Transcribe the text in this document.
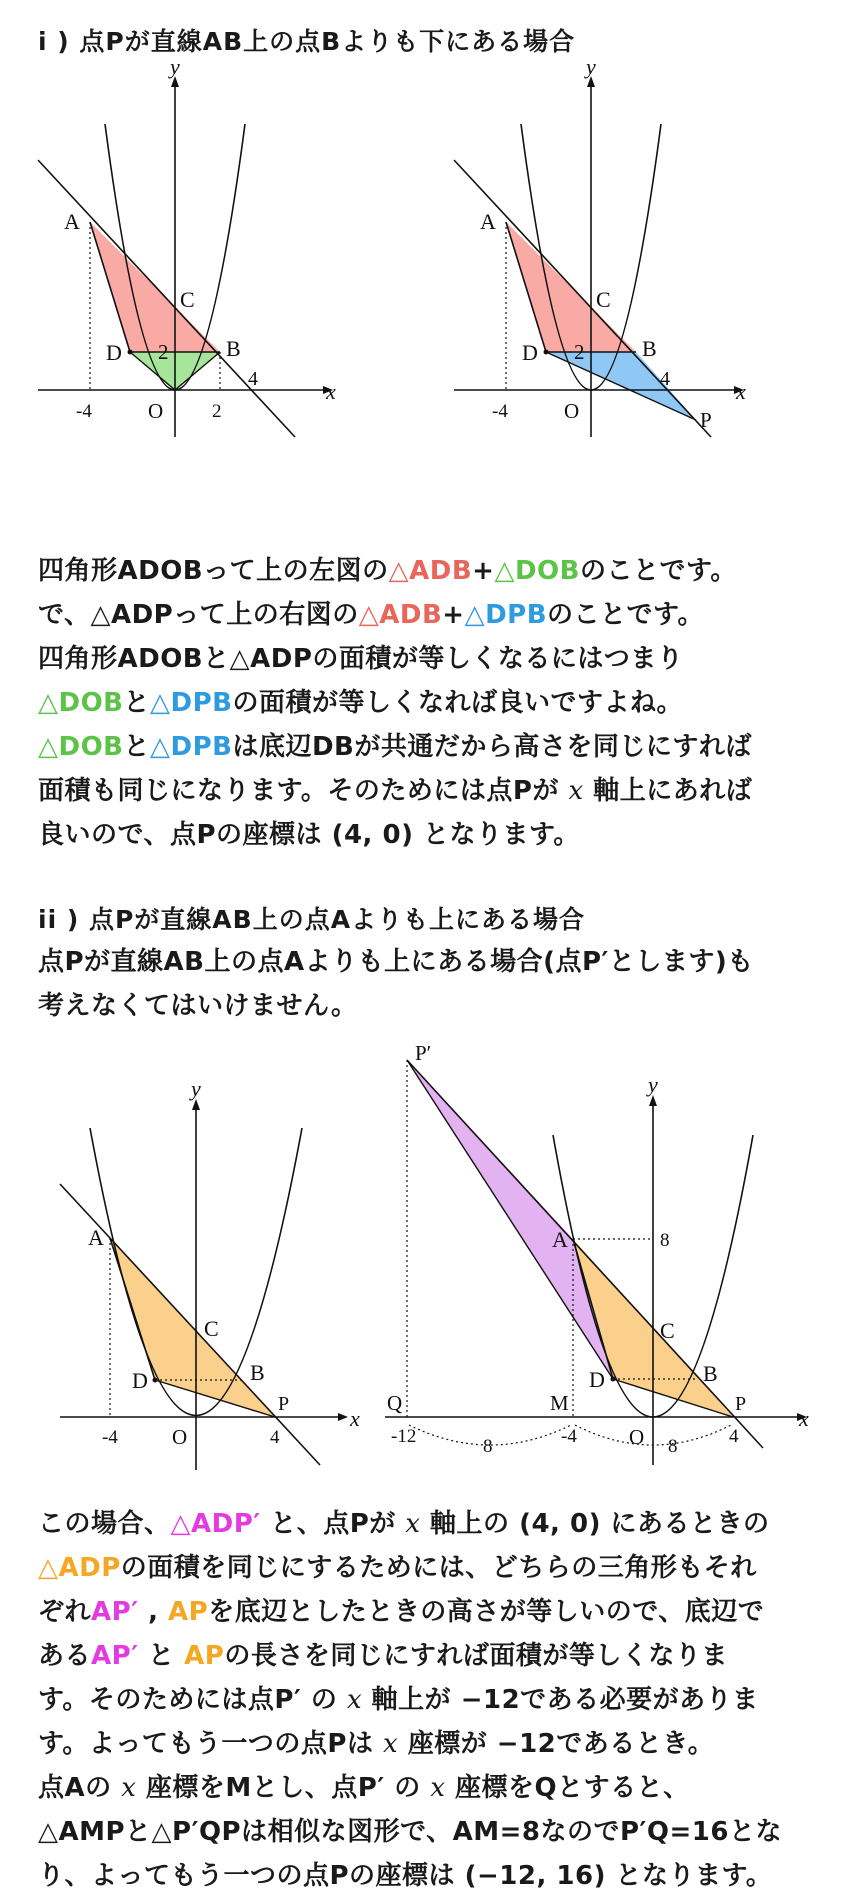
i ) 点Pが直線AB上の点Bよりも下にある場合
y
x
A
C
D	B
2
4
-4	O	2
y
x
A
C
D	B
2
4
P
-4	O
四角形ADOBって上の左図の△ADB+△DOBのことです。
で、△ADPって上の右図の△ADB+△DPBのことです。
四角形ADOBと△ADPの面積が等しくなるにはつまり
△DOBと△DPBの面積が等しくなれば良いですよね。
△DOBと△DPBは底辺DBが共通だから高さを同じにすれば
面積も同じになります。そのためには点Pが x 軸上にあれば
良いので、点Pの座標は (4, 0) となります。
ii ) 点Pが直線AB上の点Aよりも上にある場合
点Pが直線AB上の点Aよりも上にある場合(点P′とします)も
考えなくてはいけません。
y
x
A
C
D	B
P
-4	O	4
P′
y
x
8
A
C
D	B
P
Q	M
-12	-4 O	4
8	8
この場合、△ADP′ と、点Pが x 軸上の (4, 0) にあるときの
△ADPの面積を同じにするためには、どちらの三角形もそれ
ぞれAP′ , APを底辺としたときの高さが等しいので、底辺で
あるAP′ と APの長さを同じにすれば面積が等しくなりま
す。そのためには点P′ の x 軸上が −12である必要がありま
す。よってもう一つの点Pは x 座標が −12であるとき。
点Aの x 座標をMとし、点P′ の x 座標をQとすると、
△AMPと△P′QPは相似な図形で、AM=8なのでP′Q=16とな
り、よってもう一つの点Pの座標は (−12, 16) となります。
